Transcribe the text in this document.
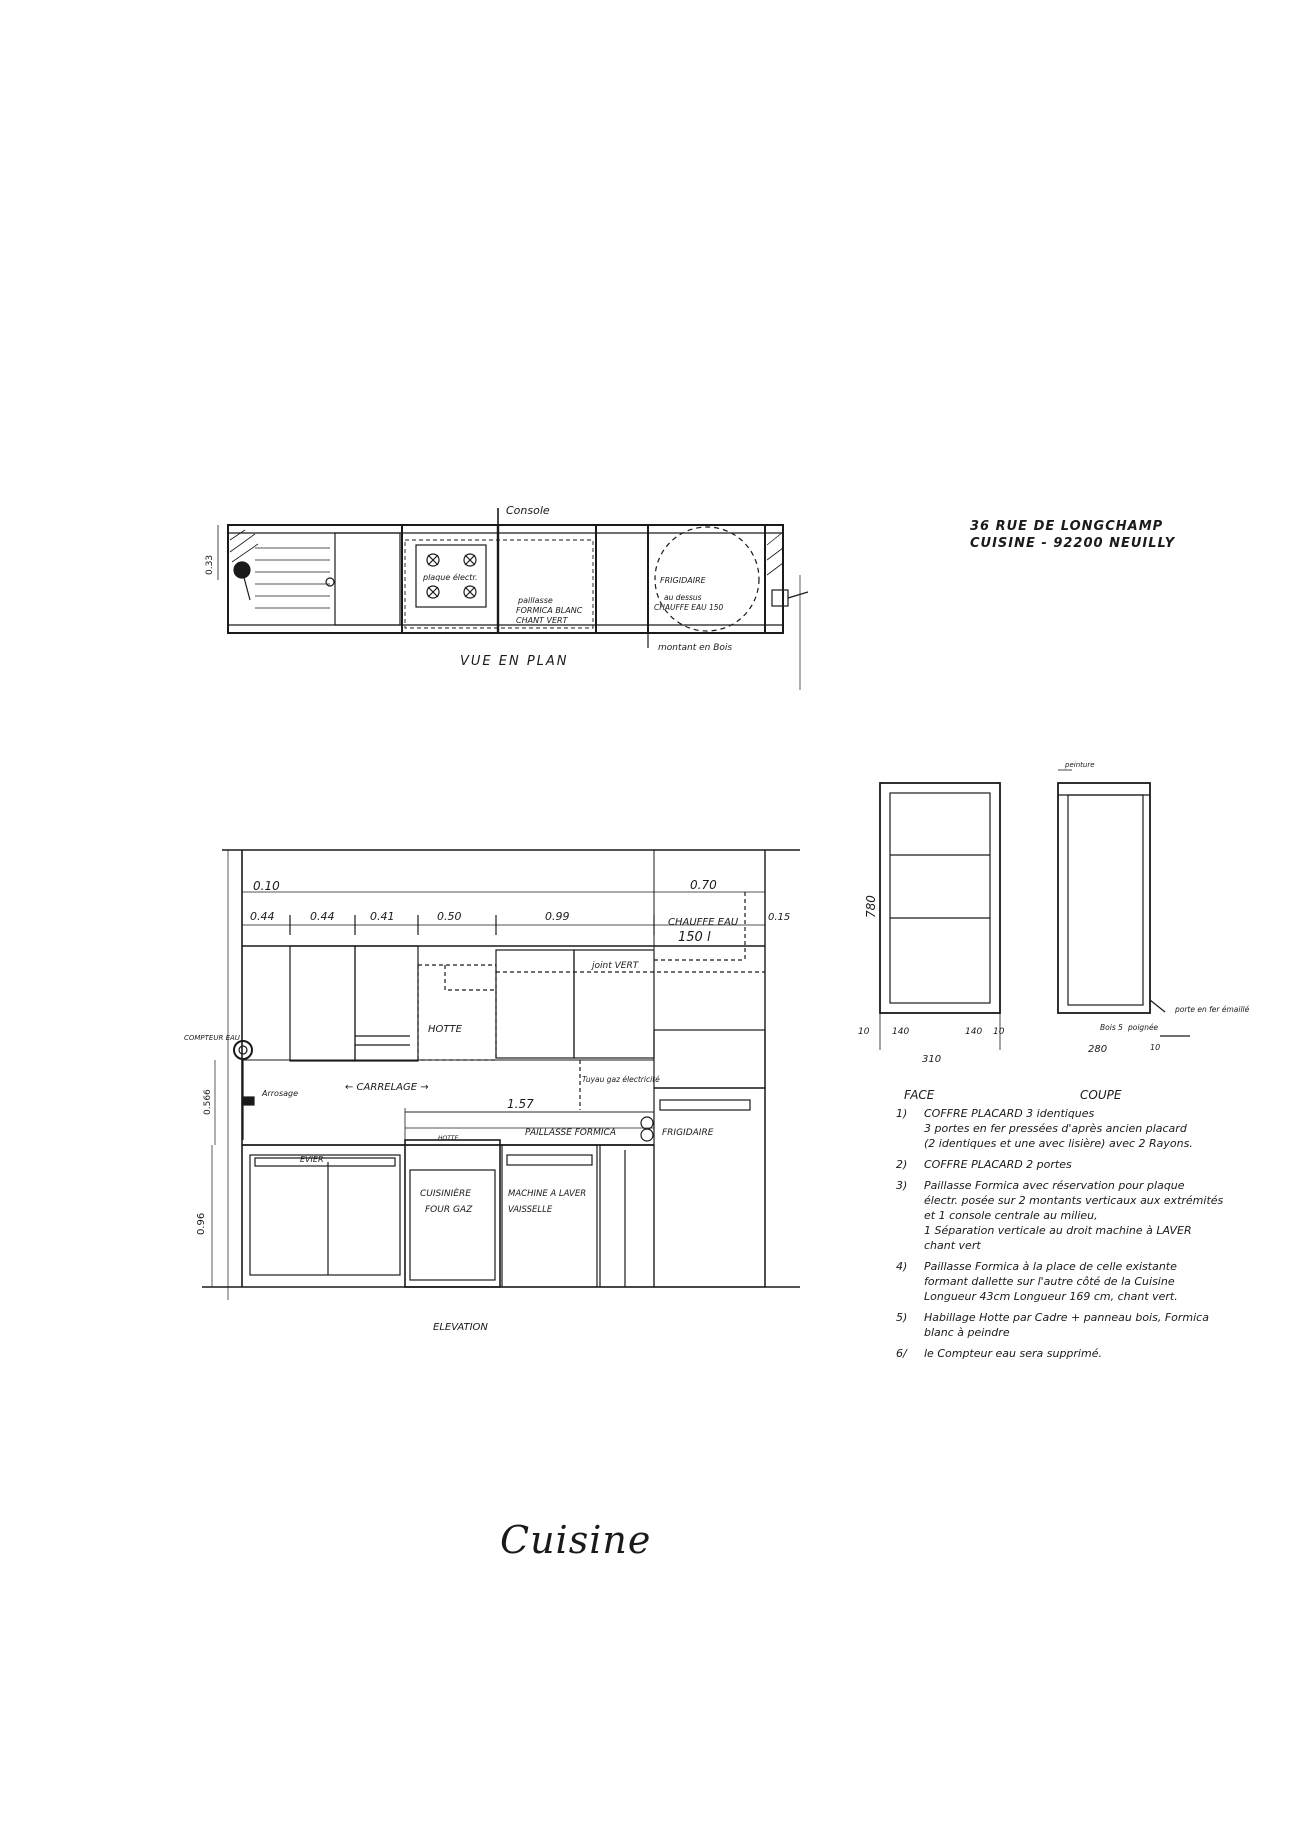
36 RUE DE LONGCHAMP
CUISINE - 92200 NEUILLY
Console
0.33
plaque électr.
paillasse
FORMICA BLANC
CHANT VERT
FRIGIDAIRE
au dessus
CHAUFFE EAU 150
montant en Bois
VUE EN PLAN
0.10
0.44	0.44	0.41	0.50	0.99
0.70
0.15
CHAUFFE EAU
150 l
joint VERT
HOTTE
← CARRELAGE →
Tuyau gaz électricité
COMPTEUR EAU
Arrosage
0.566	1.57
PAILLASSE FORMICA	FRIGIDAIRE
EVIER
CUISINIÈRE
FOUR GAZ
MACHINE A LAVER
VAISSELLE
HOTTE
0.96
ELEVATION
780
10	140	140 10
310
peinture
Bois 5 poignée
280	10
porte en fer émaillé
FACE	COUPE
1) COFFRE PLACARD 3 identiques
3 portes en fer pressées d'après ancien placard
(2 identiques et une avec lisière) avec 2 Rayons.
2) COFFRE PLACARD 2 portes
3) Paillasse Formica avec réservation pour plaque
électr. posée sur 2 montants verticaux aux extrémités
et 1 console centrale au milieu,
1 Séparation verticale au droit machine à LAVER
chant vert
4) Paillasse Formica à la place de celle existante
formant dallette sur l'autre côté de la Cuisine
Longueur 43cm Longueur 169 cm, chant vert.
5) Habillage Hotte par Cadre + panneau bois, Formica
blanc à peindre
6/ le Compteur eau sera supprimé.
Cuisine
